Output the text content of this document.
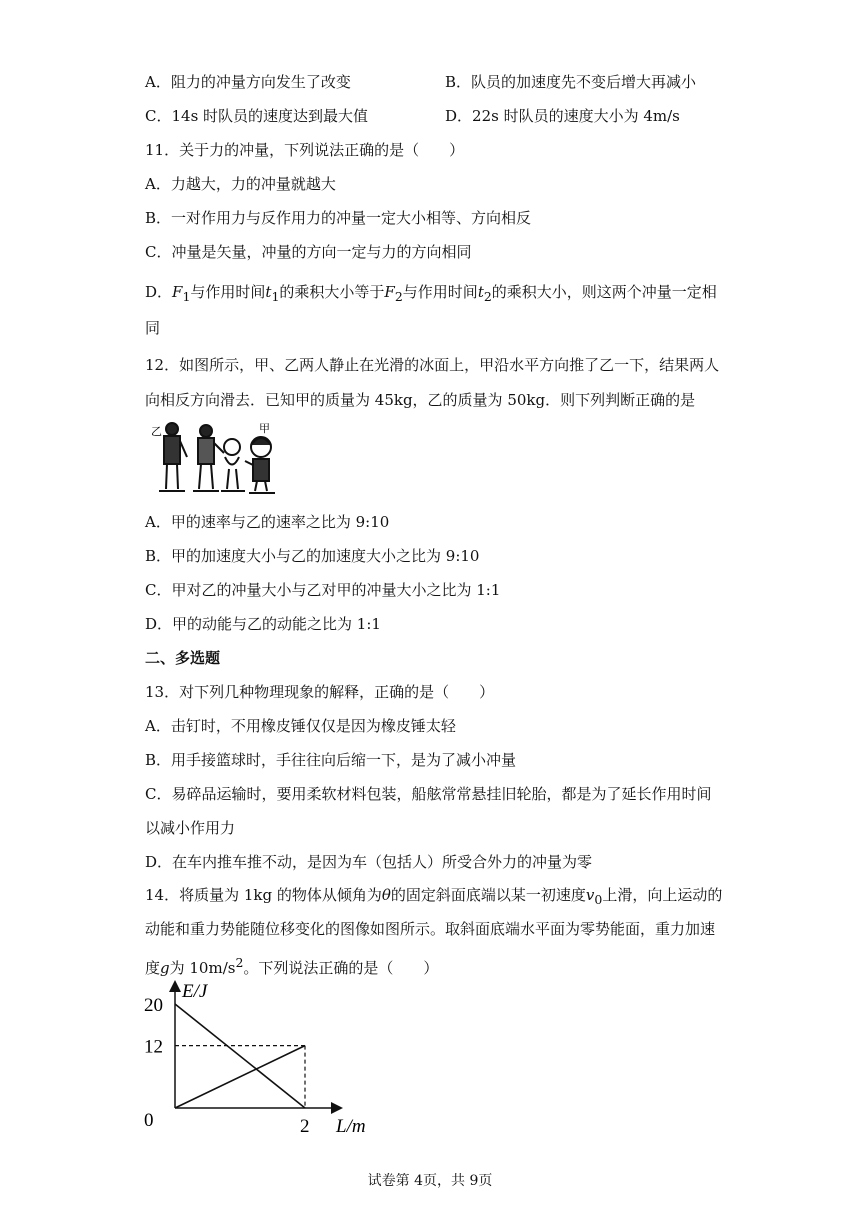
A．阻力的冲量方向发生了改变	B．队员的加速度先不变后增大再减小
C．14s 时队员的速度达到最大值	D．22s 时队员的速度大小为 4m/s
11．关于力的冲量，下列说法正确的是（　　）
A．力越大，力的冲量就越大
B．一对作用力与反作用力的冲量一定大小相等、方向相反
C．冲量是矢量，冲量的方向一定与力的方向相同
D．$F_1$与作用时间$t_1$的乘积大小等于$F_2$与作用时间$t_2$的乘积大小，则这两个冲量一定相
同
12．如图所示，甲、乙两人静止在光滑的冰面上，甲沿水平方向推了乙一下，结果两人
向相反方向滑去．已知甲的质量为 45kg，乙的质量为 50kg．则下列判断正确的是
乙	甲
A．甲的速率与乙的速率之比为 9:10
B．甲的加速度大小与乙的加速度大小之比为 9:10
C．甲对乙的冲量大小与乙对甲的冲量大小之比为 1:1
D．甲的动能与乙的动能之比为 1:1
二、多选题
13．对下列几种物理现象的解释，正确的是（　　）
A．击钉时，不用橡皮锤仅仅是因为橡皮锤太轻
B．用手接篮球时，手往往向后缩一下，是为了减小冲量
C．易碎品运输时，要用柔软材料包装，船舷常常悬挂旧轮胎，都是为了延长作用时间
以减小作用力
D．在车内推车推不动，是因为车（包括人）所受合外力的冲量为零
14．将质量为 1kg 的物体从倾角为θ的固定斜面底端以某一初速度$v_0$上滑，向上运动的
动能和重力势能随位移变化的图像如图所示。取斜面底端水平面为零势能面，重力加速
度g为 $10m/s^2$。下列说法正确的是（　　）
E/J
L/m
20
12
0	2
试卷第 4页，共 9页
